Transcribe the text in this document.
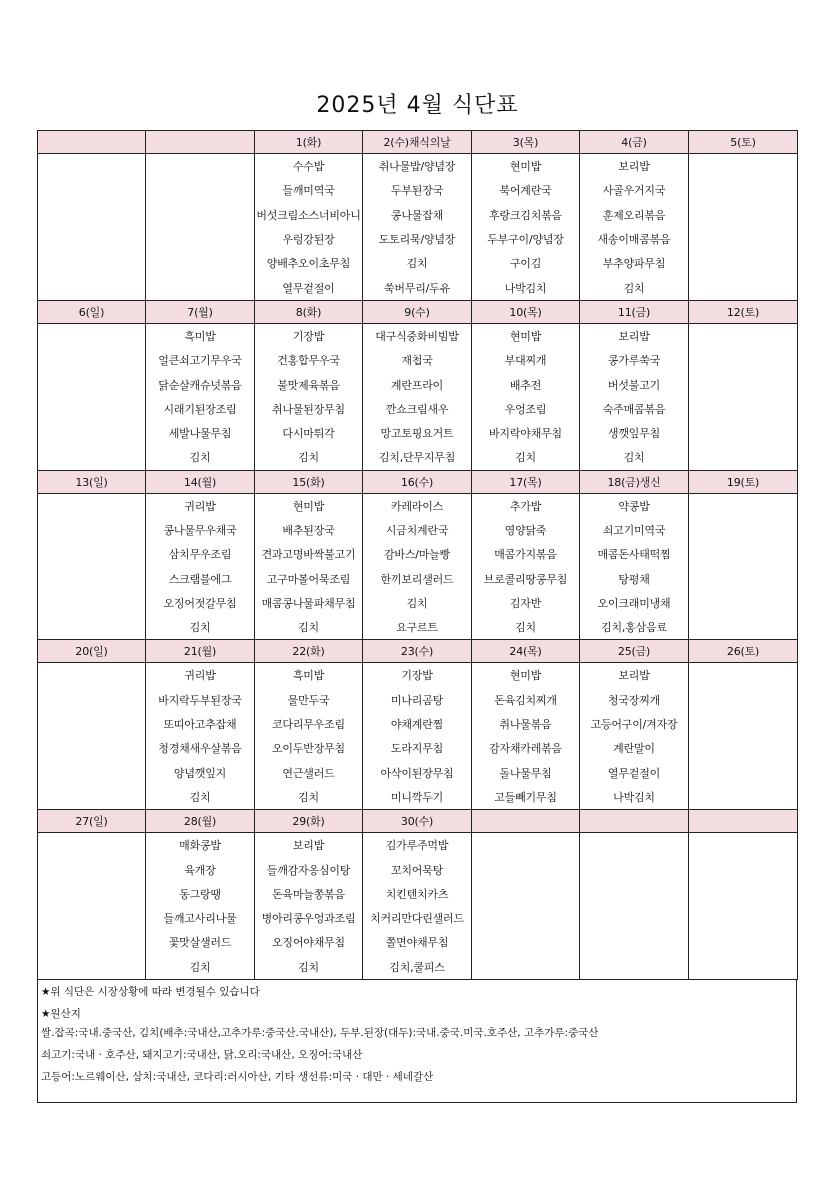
2025년 4월 식단표
		1(화)	2(수)채식의날	3(목)	4(금)	5(토)
		수수밥	취나물밥/양념장	현미밥	보리밥	
		들깨미역국	두부된장국	북어계란국	사골우거지국	
		버섯크림소스너비아니	콩나물잡채	후랑크김치볶음	훈제오리볶음	
		우렁강된장	도토리묵/양념장	두부구이/양념장	새송이매콤볶음	
		양배추오이초무침	김치	구이김	부추양파무침	
		열무겉절이	쑥버무리/두유	나박김치	김치	
6(일)	7(월)	8(화)	9(수)	10(목)	11(금)	12(토)
	흑미밥	기장밥	대구식중화비빔밥	현미밥	보리밥	
	얼큰쇠고기무우국	건홍합무우국	재첩국	부대찌개	콩가루쑥국	
	닭순살캐슈넛볶음	불맛제육볶음	계란프라이	배추전	버섯불고기	
	시래기된장조림	취나물된장무침	깐쇼크림새우	우엉조림	숙주매콤볶음	
	세발나물무침	다시마튀각	망고토핑요거트	바지락야채무침	생깻잎무침	
	김치	김치	김치,단무지무침	김치	김치	
13(일)	14(월)	15(화)	16(수)	17(목)	18(금)생신	19(토)
	귀리밥	현미밥	카레라이스	추가밥	약콩밥	
	콩나물무우채국	배추된장국	시금치계란국	영양닭죽	쇠고기미역국	
	삼치무우조림	견과고명바싹불고기	감바스/마늘빵	매콤가지볶음	매콤돈사태떡찜	
	스크램블에그	고구마볼어묵조림	한끼보리샐러드	브로콜리땅콩무침	탕평채	
	오징어젓갈무침	매콤콩나물파채무침	김치	김자반	오이크래미냉채	
	김치	김치	요구르트	김치	김치,홍삼음료	
20(일)	21(월)	22(화)	23(수)	24(목)	25(금)	26(토)
	귀리밥	흑미밥	기장밥	현미밥	보리밥	
	바지락두부된장국	물만두국	미나리곰탕	돈육김치찌개	청국장찌개	
	또띠아고추잡채	코다리무우조림	야채계란찜	취나물볶음	고등어구이/겨자장	
	청경채새우살볶음	오이두반장무침	도라지무침	감자채카레볶음	계란말이	
	양념깻잎지	연근샐러드	아삭이된장무침	돌나물무침	열무겉절이	
	김치	김치	미니깍두기	고들빼기무침	나박김치	
27(일)	28(월)	29(화)	30(수)			
	매화콩밥	보리밥	김가루주먹밥			
	육개장	들깨감자옹심이탕	꼬치어묵탕			
	동그랑땡	돈육마늘쫑볶음	치킨텐치카츠			
	들깨고사리나물	병아리콩우엉과조림	치커리만다린샐러드			
	꽃맛살샐러드	오징어야채무침	쫄면야채무침			
	김치	김치	김치,쿨피스			
★위 식단은 시장상황에 따라 변경될수 있습니다
★원산지
쌀.잡곡:국내.중국산, 김치(배추:국내산,고추가루:중국산.국내산), 두부.된장(대두):국내.중국.미국.호주산, 고추가루:중국산
쇠고기:국내 · 호주산, 돼지고기:국내산, 닭.오리:국내산, 오징어:국내산
고등어:노르웨이산, 삼치:국내산, 코다리:러시아산, 기타 생선류:미국 · 대만 · 세네갈산
